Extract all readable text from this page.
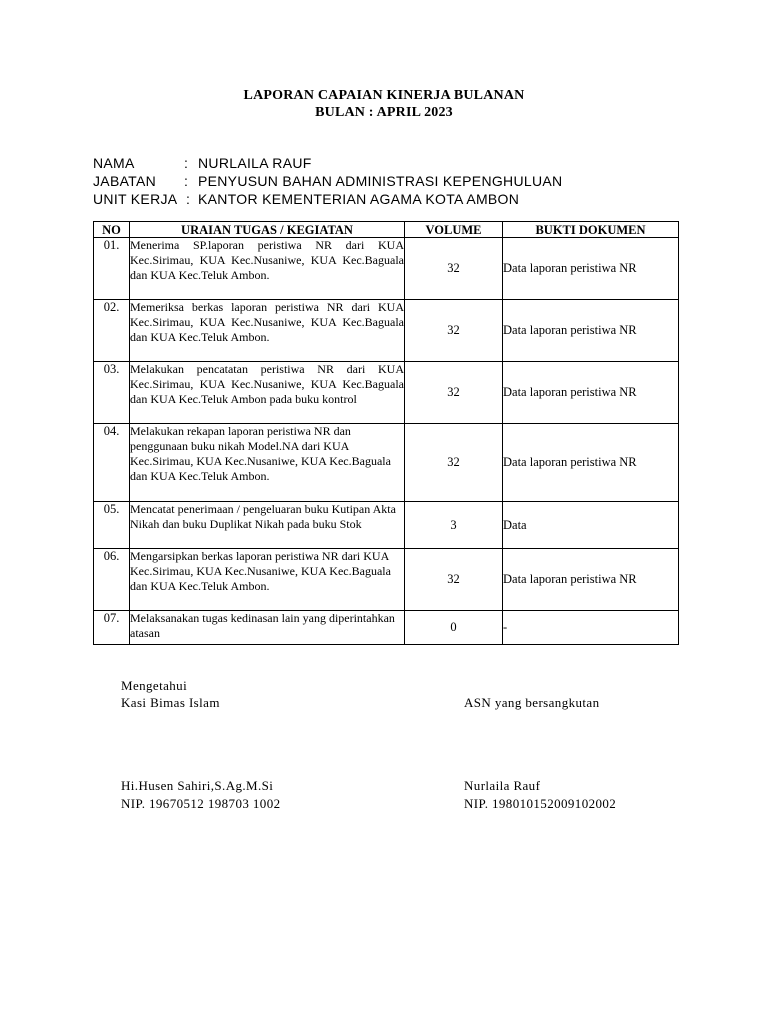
LAPORAN CAPAIAN KINERJA BULANAN
BULAN : APRIL 2023
NAMA	: NURLAILA RAUF
JABATAN : PENYUSUN BAHAN ADMINISTRASI KEPENGHULUAN
UNIT KERJA : KANTOR KEMENTERIAN AGAMA KOTA AMBON
NO	URAIAN TUGAS / KEGIATAN	VOLUME	BUKTI DOKUMEN
01.	Menerima SP.laporan peristiwa NR dari KUA Kec.Sirimau, KUA Kec.Nusaniwe, KUA Kec.Baguala dan KUA Kec.Teluk Ambon.	32	Data laporan peristiwa NR
02.	Memeriksa berkas laporan peristiwa NR dari KUA Kec.Sirimau, KUA Kec.Nusaniwe, KUA Kec.Baguala dan KUA Kec.Teluk Ambon.	32	Data laporan peristiwa NR
03.	Melakukan pencatatan peristiwa NR dari KUA Kec.Sirimau, KUA Kec.Nusaniwe, KUA Kec.Baguala dan KUA Kec.Teluk Ambon pada buku kontrol	32	Data laporan peristiwa NR
04.	Melakukan rekapan laporan peristiwa NR dan penggunaan buku nikah Model.NA dari KUA Kec.Sirimau, KUA Kec.Nusaniwe, KUA Kec.Baguala dan KUA Kec.Teluk Ambon.	32	Data laporan peristiwa NR
05.	Mencatat penerimaan / pengeluaran buku Kutipan Akta Nikah dan buku Duplikat Nikah pada buku Stok	3	Data
06.	Mengarsipkan berkas laporan peristiwa NR dari KUA Kec.Sirimau, KUA Kec.Nusaniwe, KUA Kec.Baguala dan KUA Kec.Teluk Ambon.	32	Data laporan peristiwa NR
07.	Melaksanakan tugas kedinasan lain yang diperintahkan atasan	0	-
Mengetahui
Kasi Bimas Islam	ASN yang bersangkutan
Hi.Husen Sahiri,S.Ag.M.Si
NIP. 19670512 198703 1002
Nurlaila Rauf
NIP. 198010152009102002
